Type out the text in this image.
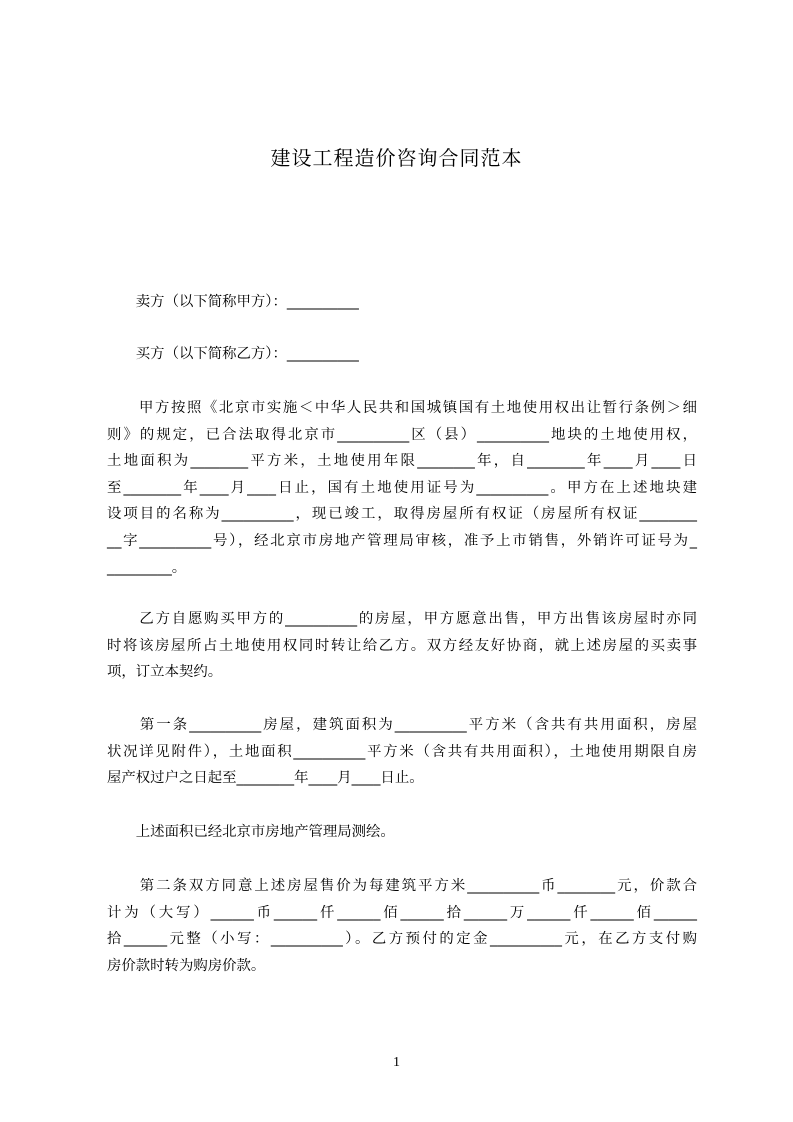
建设工程造价咨询合同范本

　　卖方（以下简称甲方）：__________

　　买方（以下简称乙方）：__________

　　甲方按照《北京市实施＜中华人民共和国城镇国有土地使用权出让暂行条例＞细
则》的规定，已合法取得北京市__________区（县）__________地块的土地使用权，
土地面积为________平方米，土地使用年限________年，自________年____月____日
至________年____月____日止，国有土地使用证号为__________。甲方在上述地块建
设项目的名称为__________，现已竣工，取得房屋所有权证（房屋所有权证________
__字__________号），经北京市房地产管理局审核，准予上市销售，外销许可证号为_
_________。
　　乙方自愿购买甲方的__________的房屋，甲方愿意出售，甲方出售该房屋时亦同
时将该房屋所占土地使用权同时转让给乙方。双方经友好协商，就上述房屋的买卖事
项，订立本契约。
　　第一条__________房屋，建筑面积为__________平方米（含共有共用面积，房屋
状况详见附件），土地面积__________平方米（含共有共用面积），土地使用期限自房
屋产权过户之日起至________年____月____日止。

　　上述面积已经北京市房地产管理局测绘。

　　第二条双方同意上述房屋售价为每建筑平方米__________币________元，价款合
计为（大写）______币______仟______佰______拾______万______仟______佰______
拾______元整（小写：__________）。乙方预付的定金__________元，在乙方支付购
房价款时转为购房价款。

1
